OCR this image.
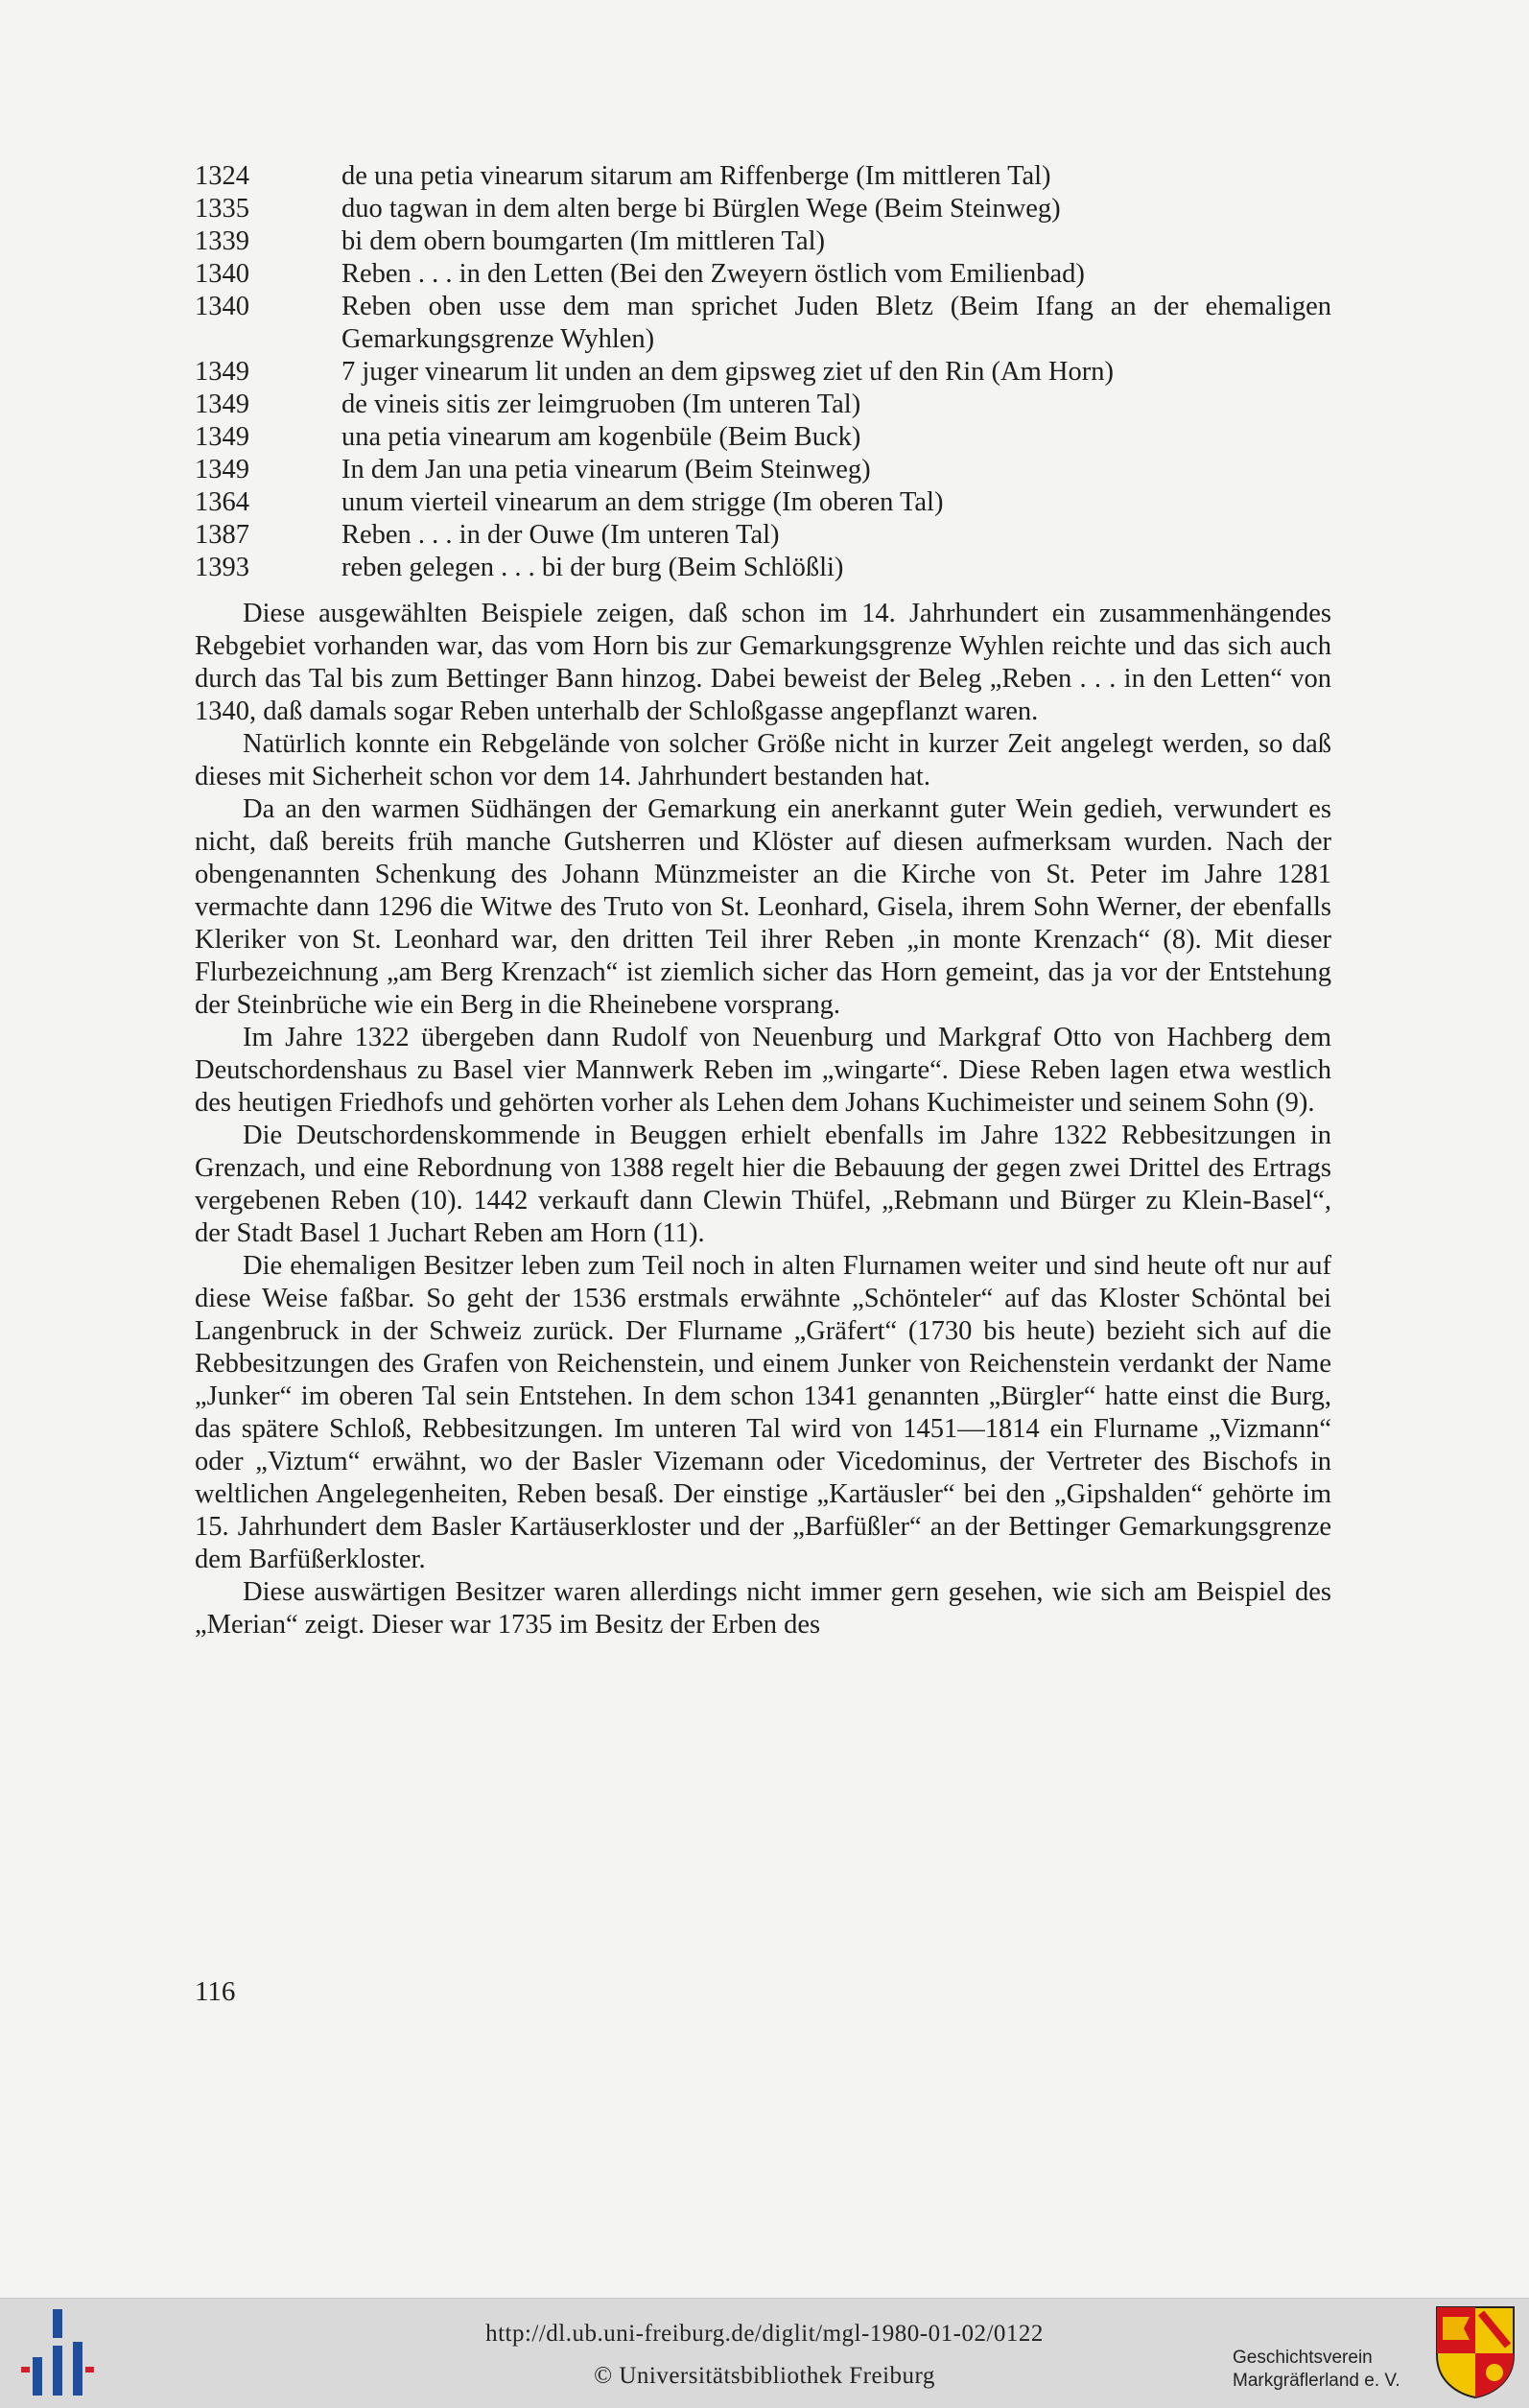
1324	de una petia vinearum sitarum am Riffenberge (Im mittleren Tal)
1335	duo tagwan in dem alten berge bi Bürglen Wege (Beim Steinweg)
1339	bi dem obern boumgarten (Im mittleren Tal)
1340	Reben . . . in den Letten (Bei den Zweyern östlich vom Emilienbad)
1340	Reben oben usse dem man sprichet Juden Bletz (Beim Ifang an der ehemaligen Gemarkungsgrenze Wyhlen)
1349	7 juger vinearum lit unden an dem gipsweg ziet uf den Rin (Am Horn)
1349	de vineis sitis zer leimgruoben (Im unteren Tal)
1349	una petia vinearum am kogenbüle (Beim Buck)
1349	In dem Jan una petia vinearum (Beim Steinweg)
1364	unum vierteil vinearum an dem strigge (Im oberen Tal)
1387	Reben . . . in der Ouwe (Im unteren Tal)
1393	reben gelegen . . . bi der burg (Beim Schlößli)

Diese ausgewählten Beispiele zeigen, daß schon im 14. Jahrhundert ein zusammenhängendes Rebgebiet vorhanden war, das vom Horn bis zur Gemarkungsgrenze Wyhlen reichte und das sich auch durch das Tal bis zum Bettinger Bann hinzog. Dabei beweist der Beleg „Reben . . . in den Letten“ von 1340, daß damals sogar Reben unterhalb der Schloßgasse angepflanzt waren.

Natürlich konnte ein Rebgelände von solcher Größe nicht in kurzer Zeit angelegt werden, so daß dieses mit Sicherheit schon vor dem 14. Jahrhundert bestanden hat.

Da an den warmen Südhängen der Gemarkung ein anerkannt guter Wein gedieh, verwundert es nicht, daß bereits früh manche Gutsherren und Klöster auf diesen aufmerksam wurden. Nach der obengenannten Schenkung des Johann Münzmeister an die Kirche von St. Peter im Jahre 1281 vermachte dann 1296 die Witwe des Truto von St. Leonhard, Gisela, ihrem Sohn Werner, der ebenfalls Kleriker von St. Leonhard war, den dritten Teil ihrer Reben „in monte Krenzach“ (8). Mit dieser Flurbezeichnung „am Berg Krenzach“ ist ziemlich sicher das Horn gemeint, das ja vor der Entstehung der Steinbrüche wie ein Berg in die Rheinebene vorsprang.

Im Jahre 1322 übergeben dann Rudolf von Neuenburg und Markgraf Otto von Hachberg dem Deutschordenshaus zu Basel vier Mannwerk Reben im „wingarte“. Diese Reben lagen etwa westlich des heutigen Friedhofs und gehörten vorher als Lehen dem Johans Kuchimeister und seinem Sohn (9).

Die Deutschordenskommende in Beuggen erhielt ebenfalls im Jahre 1322 Rebbesitzungen in Grenzach, und eine Rebordnung von 1388 regelt hier die Bebauung der gegen zwei Drittel des Ertrags vergebenen Reben (10). 1442 verkauft dann Clewin Thüfel, „Rebmann und Bürger zu Klein-Basel“, der Stadt Basel 1 Juchart Reben am Horn (11).

Die ehemaligen Besitzer leben zum Teil noch in alten Flurnamen weiter und sind heute oft nur auf diese Weise faßbar. So geht der 1536 erstmals erwähnte „Schönteler“ auf das Kloster Schöntal bei Langenbruck in der Schweiz zurück. Der Flurname „Gräfert“ (1730 bis heute) bezieht sich auf die Rebbesitzungen des Grafen von Reichenstein, und einem Junker von Reichenstein verdankt der Name „Junker“ im oberen Tal sein Entstehen. In dem schon 1341 genannten „Bürgler“ hatte einst die Burg, das spätere Schloß, Rebbesitzungen. Im unteren Tal wird von 1451—1814 ein Flurname „Vizmann“ oder „Viztum“ erwähnt, wo der Basler Vizemann oder Vicedominus, der Vertreter des Bischofs in weltlichen Angelegenheiten, Reben besaß. Der einstige „Kartäusler“ bei den „Gipshalden“ gehörte im 15. Jahrhundert dem Basler Kartäuserkloster und der „Barfüßler“ an der Bettinger Gemarkungsgrenze dem Barfüßerkloster.

Diese auswärtigen Besitzer waren allerdings nicht immer gern gesehen, wie sich am Beispiel des „Merian“ zeigt. Dieser war 1735 im Besitz der Erben des

116
http://dl.ub.uni-freiburg.de/diglit/mgl-1980-01-02/0122
© Universitätsbibliothek Freiburg
Geschichtsverein
Markgräflerland e. V.
